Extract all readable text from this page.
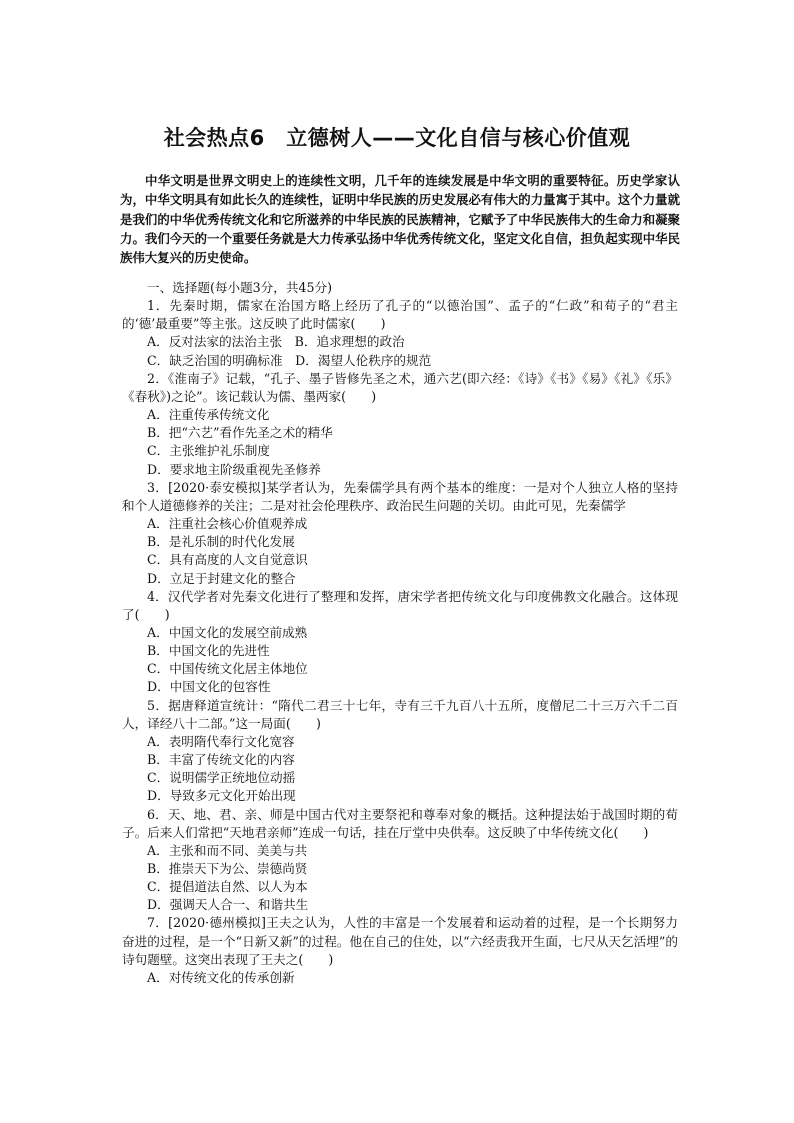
社会热点6　立德树人——文化自信与核心价值观

中华文明是世界文明史上的连续性文明，几千年的连续发展是中华文明的重要特征。历史学家认为，中华文明具有如此长久的连续性，证明中华民族的历史发展必有伟大的力量寓于其中。这个力量就是我们的中华优秀传统文化和它所滋养的中华民族的民族精神，它赋予了中华民族伟大的生命力和凝聚力。我们今天的一个重要任务就是大力传承弘扬中华优秀传统文化，坚定文化自信，担负起实现中华民族伟大复兴的历史使命。

一、选择题(每小题3分，共45分)

1．先秦时期，儒家在治国方略上经历了孔子的“以德治国”、孟子的“仁政”和荀子的“君主的‘德’最重要”等主张。这反映了此时儒家(　　)

A．反对法家的法治主张　B．追求理想的政治

C．缺乏治国的明确标准　D．渴望人伦秩序的规范

2．《淮南子》记载，“孔子、墨子皆修先圣之术，通六艺(即六经：《诗》《书》《易》《礼》《乐》《春秋》)之论”。该记载认为儒、墨两家(　　)

A．注重传承传统文化

B．把“六艺”看作先圣之术的精华

C．主张维护礼乐制度

D．要求地主阶级重视先圣修养

3．[2020·泰安模拟]某学者认为，先秦儒学具有两个基本的维度：一是对个人独立人格的坚持和个人道德修养的关注；二是对社会伦理秩序、政治民生问题的关切。由此可见，先秦儒学

A．注重社会核心价值观养成

B．是礼乐制的时代化发展

C．具有高度的人文自觉意识

D．立足于封建文化的整合

4．汉代学者对先秦文化进行了整理和发挥，唐宋学者把传统文化与印度佛教文化融合。这体现了(　　)

A．中国文化的发展空前成熟

B．中国文化的先进性

C．中国传统文化居主体地位

D．中国文化的包容性

5．据唐释道宣统计：“隋代二君三十七年，寺有三千九百八十五所，度僧尼二十三万六千二百人，译经八十二部。”这一局面(　　)

A．表明隋代奉行文化宽容

B．丰富了传统文化的内容

C．说明儒学正统地位动摇

D．导致多元文化开始出现

6．天、地、君、亲、师是中国古代对主要祭祀和尊奉对象的概括。这种提法始于战国时期的荀子。后来人们常把“天地君亲师”连成一句话，挂在厅堂中央供奉。这反映了中华传统文化(　　)

A．主张和而不同、美美与共

B．推崇天下为公、崇德尚贤

C．提倡道法自然、以人为本

D．强调天人合一、和谐共生

7．[2020·德州模拟]王夫之认为，人性的丰富是一个发展着和运动着的过程，是一个长期努力奋进的过程，是一个“日新又新”的过程。他在自己的住处，以“六经责我开生面，七尺从天乞活埋”的诗句题壁。这突出表现了王夫之(　　)

A．对传统文化的传承创新
